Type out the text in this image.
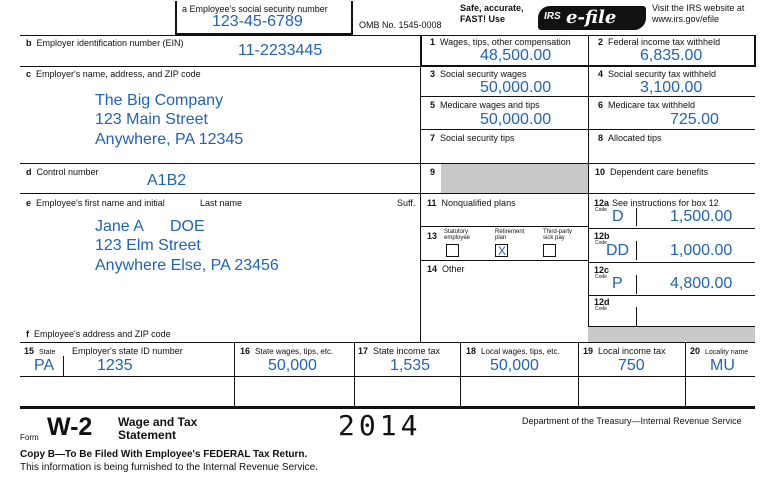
a Employee's social security number
123-45-6789	OMB No. 1545-0008
Safe, accurate,
FAST! Use	IRS e-file	Visit the IRS website at
www.irs.gov/efile
b Employer identification number (EIN)	11-2233445
c Employer's name, address, and ZIP code
The Big Company
123 Main Street
Anywhere, PA 12345
d Control number	A1B2
e Employee's first name and initial	Last name	Suff.
Jane A DOE
123 Elm Street
Anywhere Else, PA 23456
f Employee's address and ZIP code
1 Wages, tips, other compensation
48,500.00
2 Federal income tax withheld
6,835.00
3 Social security wages
50,000.00
4 Social security tax withheld
3,100.00
5 Medicare wages and tips
50,000.00
6 Medicare tax withheld
725.00
7 Social security tips	8 Allocated tips
9	10 Dependent care benefits
11 Nonqualified plans
13	Statutory employee
Retirement plan
Third-party sick pay
X
14 Other
12a See instructions for box 12
Code D	1,500.00
12b
Code DD	1,000.00
12c
Code P	4,800.00
12d
Code
15 State Employer's state ID number	16 State wages, tips, etc.	17 State income tax	18 Local wages, tips, etc.	19 Local income tax	20 Locality name
PA	1235	50,000	1,535	50,000	750	MU
Form W-2 Wage and Tax
Statement	2014	Department of the Treasury—Internal Revenue Service
Copy B—To Be Filed With Employee's FEDERAL Tax Return.
This information is being furnished to the Internal Revenue Service.
